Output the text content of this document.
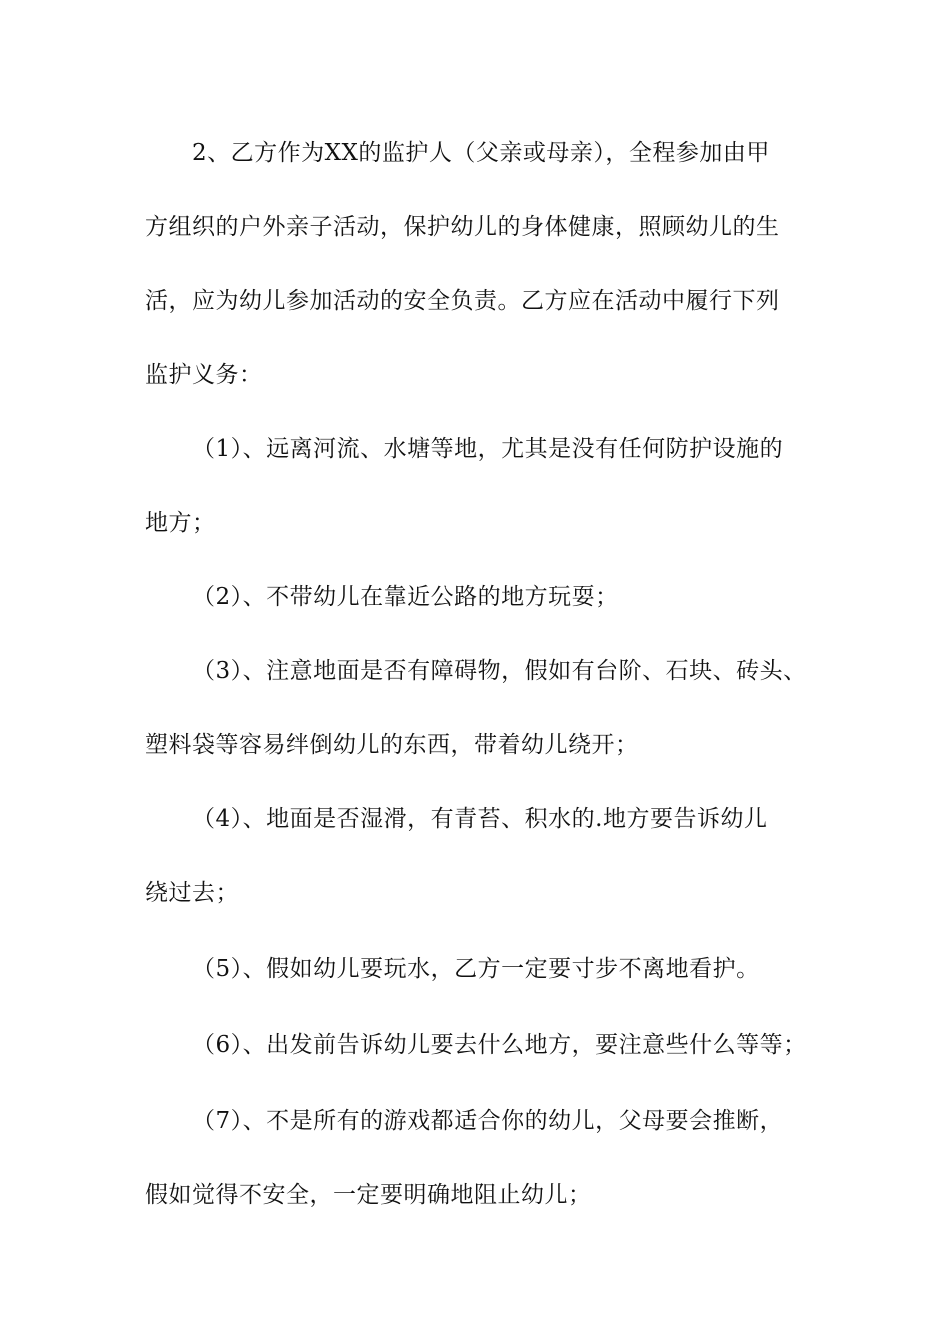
2、乙方作为XX的监护人（父亲或母亲），全程参加由甲
方组织的户外亲子活动，保护幼儿的身体健康，照顾幼儿的生
活，应为幼儿参加活动的安全负责。乙方应在活动中履行下列
监护义务：
（1）、远离河流、水塘等地，尤其是没有任何防护设施的
地方；
（2）、不带幼儿在靠近公路的地方玩耍；
（3）、注意地面是否有障碍物，假如有台阶、石块、砖头、
塑料袋等容易绊倒幼儿的东西，带着幼儿绕开；
（4）、地面是否湿滑，有青苔、积水的.地方要告诉幼儿
绕过去；
（5）、假如幼儿要玩水，乙方一定要寸步不离地看护。
（6）、出发前告诉幼儿要去什么地方，要注意些什么等等；
（7）、不是所有的游戏都适合你的幼儿，父母要会推断，
假如觉得不安全，一定要明确地阻止幼儿；
